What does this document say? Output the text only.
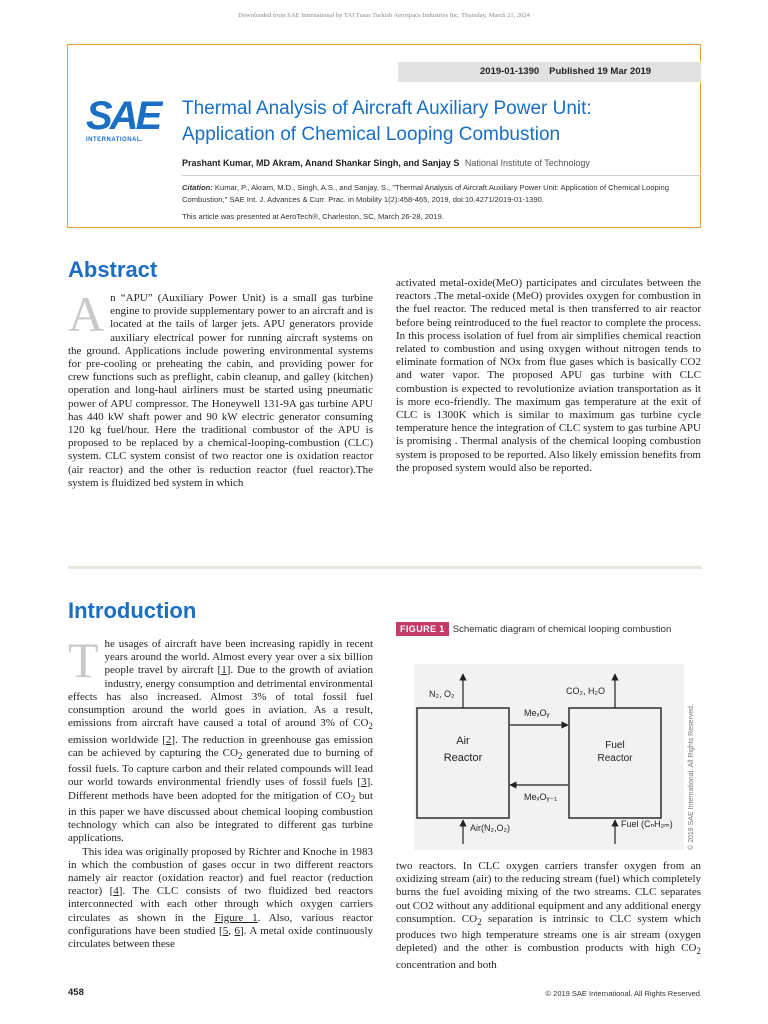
Downloaded from SAE International by TAI Tusas Turkish Aerospace Industries Inc, Thursday, March 21, 2024
2019-01-1390 Published 19 Mar 2019
SAE
INTERNATIONAL.
Thermal Analysis of Aircraft Auxiliary Power Unit:
Application of Chemical Looping Combustion
Prashant Kumar, MD Akram, Anand Shankar Singh, and Sanjay S National Institute of Technology
Citation: Kumar, P., Akram, M.D., Singh, A.S., and Sanjay, S., "Thermal Analysis of Aircraft Auxiliary Power Unit: Application of Chemical Looping Combustion," SAE Int. J. Advances & Curr. Prac. in Mobility 1(2):458-465, 2019, doi:10.4271/2019-01-1390.
This article was presented at AeroTech®, Charleston, SC, March 26-28, 2019.
Abstract

A n “APU” (Auxiliary Power Unit) is a small gas turbine engine to provide supplementary power to an aircraft and is located at the tails of larger jets. APU generators provide auxiliary electrical power for running aircraft systems on the ground. Applications include powering environmental systems for pre-cooling or preheating the cabin, and providing power for crew functions such as preflight, cabin cleanup, and galley (kitchen) operation and long-haul airliners must be started using pneumatic power of APU compressor. The Honeywell 131-9A gas turbine APU has 440 kW shaft power and 90 kW electric generator consuming 120 kg fuel/hour. Here the traditional combustor of the APU is proposed to be replaced by a chemical-looping-combustion (CLC) system. CLC system consist of two reactor one is oxidation reactor (air reactor) and the other is reduction reactor (fuel reactor).The system is fluidized bed system in which

activated metal-oxide(MeO) participates and circulates between the reactors .The metal-oxide (MeO) provides oxygen for combustion in the fuel reactor. The reduced metal is then transferred to air reactor before being reintroduced to the fuel reactor to complete the process. In this process isolation of fuel from air simplifies chemical reaction related to combustion and using oxygen without nitrogen tends to eliminate formation of NOx from flue gases which is basically CO2 and water vapor. The proposed APU gas turbine with CLC combustion is expected to revolutionize aviation transportation as it is more eco-friendly. The maximum gas temperature at the exit of CLC is 1300K which is similar to maximum gas turbine cycle temperature hence the integration of CLC system to gas turbine APU is promising . Thermal analysis of the chemical looping combustion system is proposed to be reported. Also likely emission benefits from the proposed system would also be reported.

Introduction

The usages of aircraft have been increasing rapidly in recent years around the world. Almost every year over a six billion people travel by aircraft [1]. Due to the growth of aviation industry, energy consumption and detrimental environmental effects has also increased. Almost 3% of total fossil fuel consumption around the world goes in aviation. As a result, emissions from aircraft have caused a total of around 3% of $CO_2$ emission worldwide [2]. The reduction in greenhouse gas emission can be achieved by capturing the $CO_2$ generated due to burning of fossil fuels. To capture carbon and their related compounds will lead our world towards environmental friendly uses of fossil fuels [3]. Different methods have been adopted for the mitigation of $CO_2$ but in this paper we have discussed about chemical looping combustion technology which can also be integrated to different gas turbine applications.

This idea was originally proposed by Richter and Knoche in 1983 in which the combustion of gases occur in two different reactors namely air reactor (oxidation reactor) and fuel reactor (reduction reactor) [4]. The CLC consists of two fluidized bed reactors interconnected with each other through which oxygen carriers circulates as shown in the Figure 1. Also, various reactor configurations have been studied [5, 6]. A metal oxide continuously circulates between these

FIGURE 1 Schematic diagram of chemical looping combustion
Air
Reactor
Fuel
Reactor
N₂, O₂	CO₂, H₂O
MeₓOᵧ
MeₓOᵧ₋₁
Air(N₂,O₂)	Fuel (CₙH₂ₘ) © 2019 SAE International. All Rights Reserved.

two reactors. In CLC oxygen carriers transfer oxygen from an oxidizing stream (air) to the reducing stream (fuel) which completely burns the fuel avoiding mixing of the two streams. CLC separates out CO2 without any additional equipment and any additional energy consumption. $CO_2$ separation is intrinsic to CLC system which produces two high temperature streams one is air stream (oxygen depleted) and the other is combustion products with high $CO_2$ concentration and both

458	© 2019 SAE International. All Rights Reserved.
